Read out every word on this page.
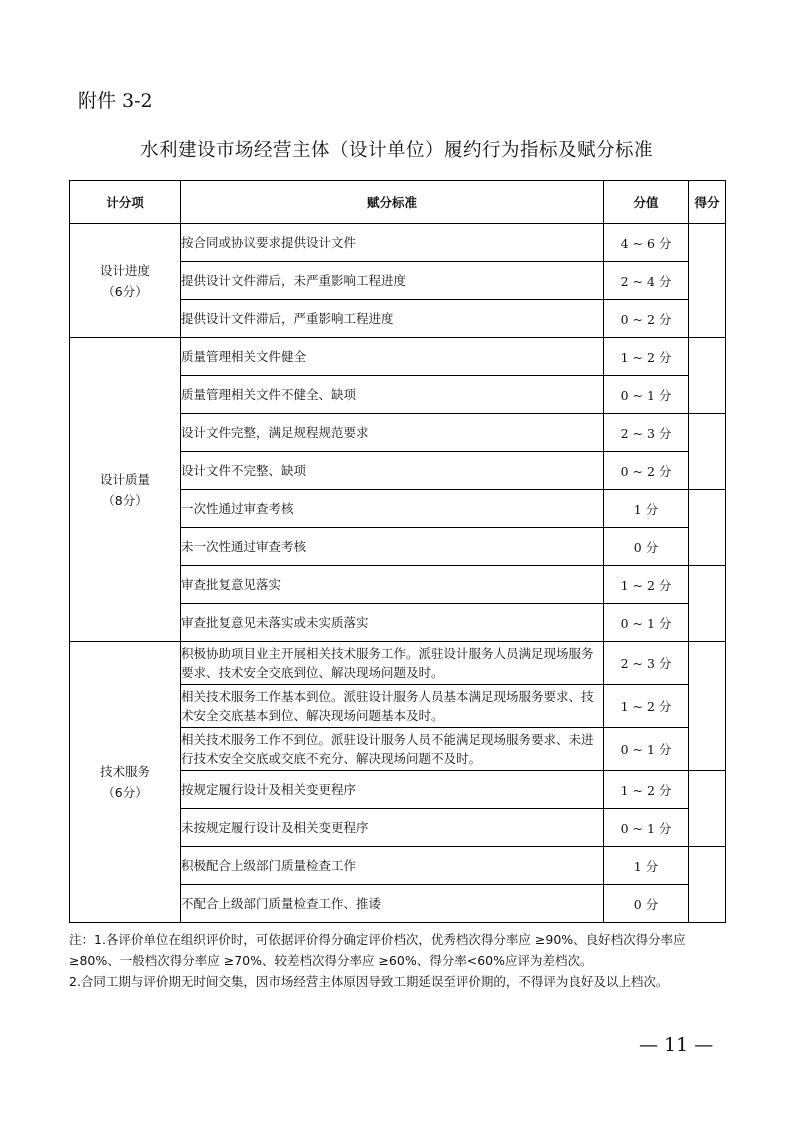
附件 3-2
水利建设市场经营主体（设计单位）履约行为指标及赋分标准
计分项	赋分标准	分值	得分

设计进度
（6分）	按合同或协议要求提供设计文件	4 ~ 6 分	
	提供设计文件滞后，未严重影响工程进度	2 ~ 4 分	
	提供设计文件滞后，严重影响工程进度	0 ~ 2 分	

设计质量
（8分）	质量管理相关文件健全	1 ~ 2 分	
	质量管理相关文件不健全、缺项	0 ~ 1 分	
	设计文件完整，满足规程规范要求	2 ~ 3 分	
	设计文件不完整、缺项	0 ~ 2 分	
	一次性通过审查考核	1 分	
	未一次性通过审查考核	0 分	
	审查批复意见落实	1 ~ 2 分	
	审查批复意见未落实或未实质落实	0 ~ 1 分	

技术服务
（6分）	积极协助项目业主开展相关技术服务工作。派驻设计服务人员满足现场服务要求、技术安全交底到位、解决现场问题及时。	2 ~ 3 分	
	相关技术服务工作基本到位。派驻设计服务人员基本满足现场服务要求、技术安全交底基本到位、解决现场问题基本及时。	1 ~ 2 分	
	相关技术服务工作不到位。派驻设计服务人员不能满足现场服务要求、未进行技术安全交底或交底不充分、解决现场问题不及时。	0 ~ 1 分	
	按规定履行设计及相关变更程序	1 ~ 2 分	
	未按规定履行设计及相关变更程序	0 ~ 1 分	
	积极配合上级部门质量检查工作	1 分	
	不配合上级部门质量检查工作、推诿	0 分	

注：1.各评价单位在组织评价时，可依据评价得分确定评价档次，优秀档次得分率应 ≥90%、良好档次得分率应 ≥80%、一般档次得分率应 ≥70%、较差档次得分率应 ≥60%、得分率<60%应评为差档次。

2.合同工期与评价期无时间交集，因市场经营主体原因导致工期延误至评价期的，不得评为良好及以上档次。

— 11 —
